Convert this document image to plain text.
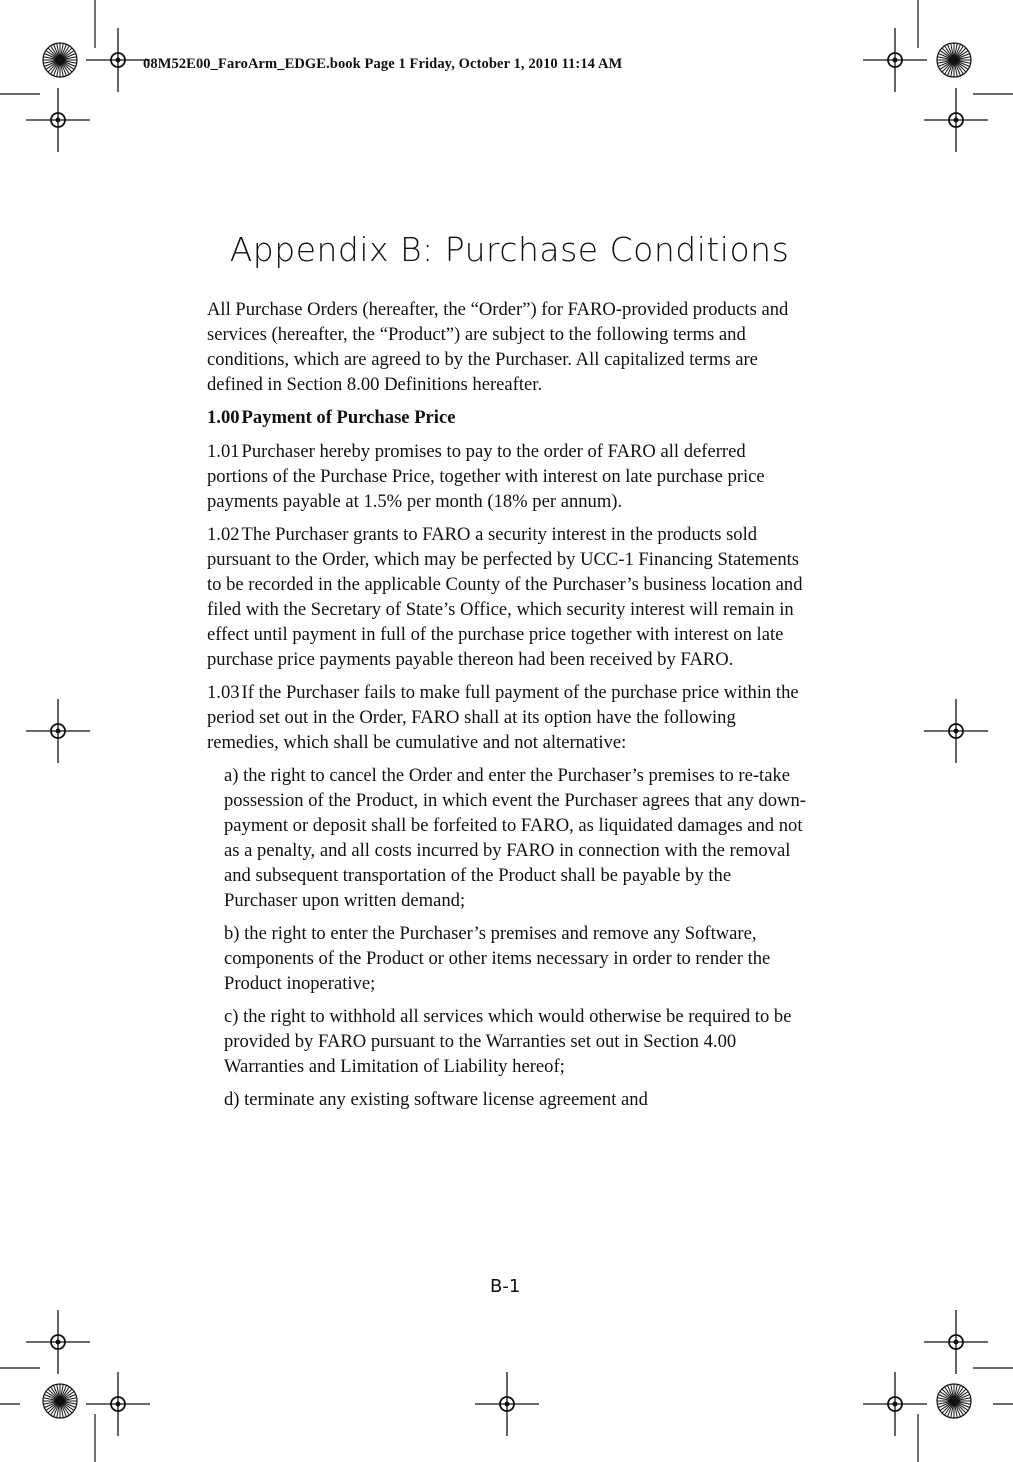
08M52E00_FaroArm_EDGE.book Page 1 Friday, October 1, 2010 11:14 AM
Appendix B: Purchase Conditions

All Purchase Orders (hereafter, the “Order”) for FARO-provided products and services (hereafter, the “Product”) are subject to the following terms and conditions, which are agreed to by the Purchaser. All capitalized terms are defined in Section 8.00 Definitions hereafter.

1.00 Payment of Purchase Price

1.01 Purchaser hereby promises to pay to the order of FARO all deferred portions of the Purchase Price, together with interest on late purchase price payments payable at 1.5% per month (18% per annum).

1.02 The Purchaser grants to FARO a security interest in the products sold pursuant to the Order, which may be perfected by UCC-1 Financing Statements to be recorded in the applicable County of the Purchaser’s business location and filed with the Secretary of State’s Office, which security interest will remain in effect until payment in full of the purchase price together with interest on late purchase price payments payable thereon had been received by FARO.

1.03 If the Purchaser fails to make full payment of the purchase price within the period set out in the Order, FARO shall at its option have the following remedies, which shall be cumulative and not alternative:

a) the right to cancel the Order and enter the Purchaser’s premises to re-take possession of the Product, in which event the Purchaser agrees that any down-payment or deposit shall be forfeited to FARO, as liquidated damages and not as a penalty, and all costs incurred by FARO in connection with the removal and subsequent transportation of the Product shall be payable by the Purchaser upon written demand;

b) the right to enter the Purchaser’s premises and remove any Software, components of the Product or other items necessary in order to render the Product inoperative;

c) the right to withhold all services which would otherwise be required to be provided by FARO pursuant to the Warranties set out in Section 4.00 Warranties and Limitation of Liability hereof;

d) terminate any existing software license agreement and

B-1
